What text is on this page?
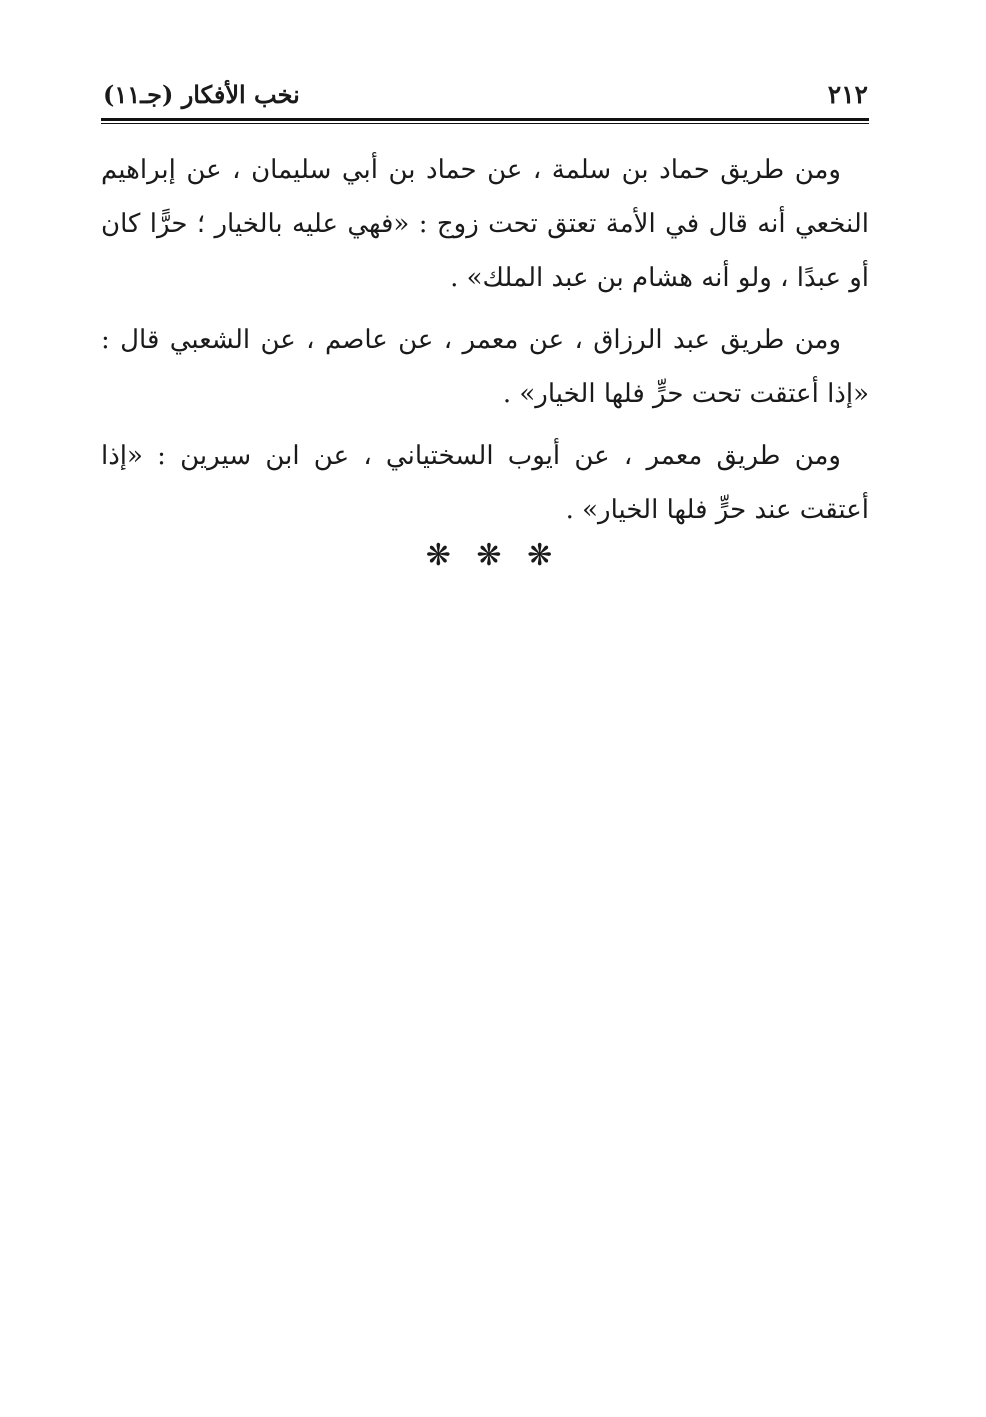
٢١٢
نخب الأفكار (جـ١١)

ومن طريق حماد بن سلمة ، عن حماد بن أبي سليمان ، عن إبراهيم النخعي أنه قال في الأمة تعتق تحت زوج : «فهي عليه بالخيار ؛ حرًّا كان أو عبدًا ، ولو أنه هشام بن عبد الملك» .

ومن طريق عبد الرزاق ، عن معمر ، عن عاصم ، عن الشعبي قال : «إذا أعتقت تحت حرٍّ فلها الخيار» .

ومن طريق معمر ، عن أيوب السختياني ، عن ابن سيرين : «إذا أعتقت عند حرٍّ فلها الخيار» .

❋ ❋ ❋
